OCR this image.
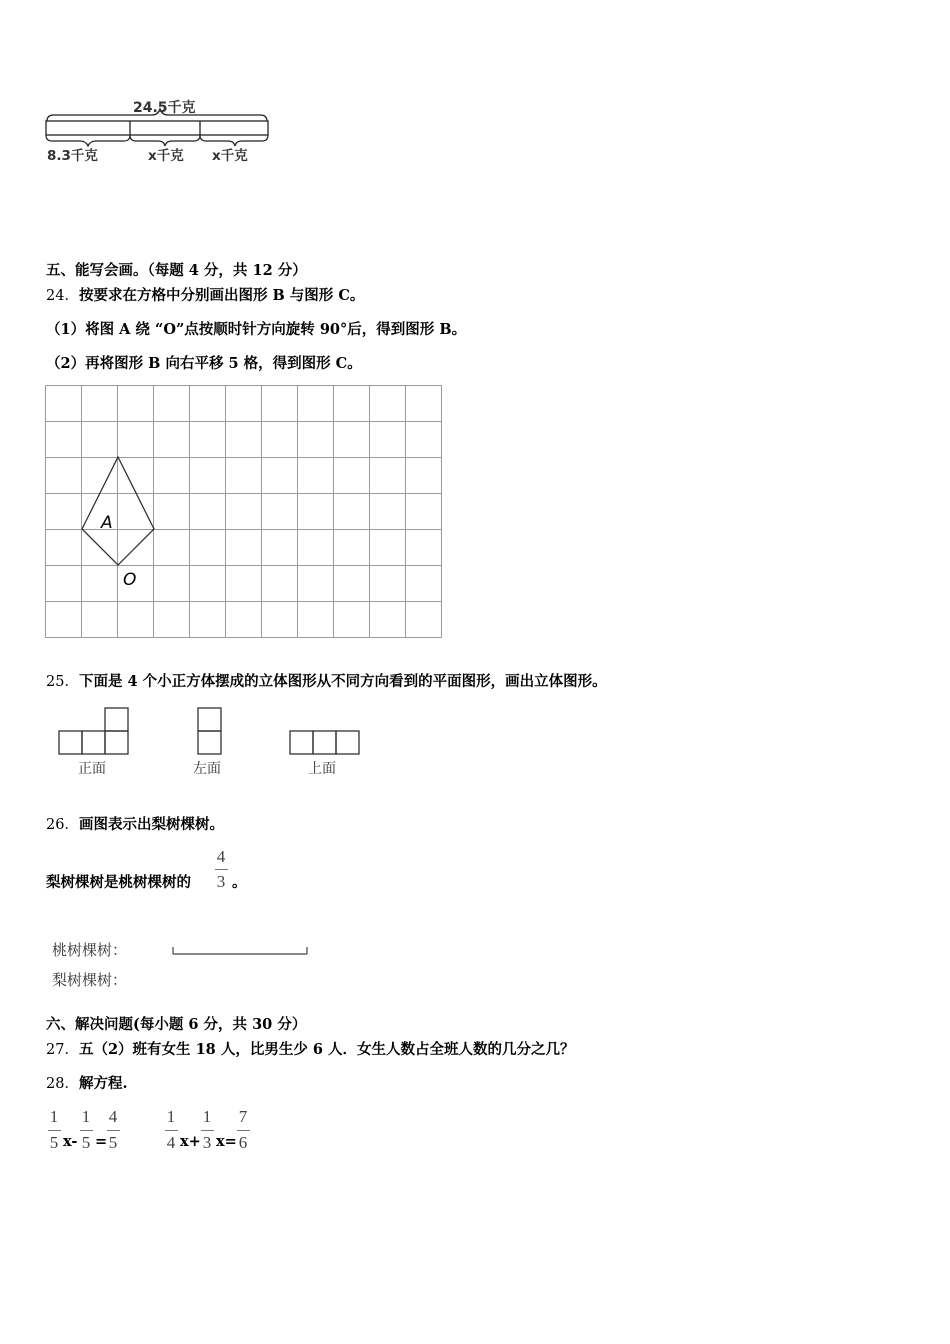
24.5千克
8.3千克	x千克 x千克
五、能写会画。（每题 4 分，共 12 分）
24．按要求在方格中分别画出图形 B 与图形 C。
（1）将图 A 绕 “O”点按顺时针方向旋转 90°后，得到图形 B。
（2）再将图形 B 向右平移 5 格，得到图形 C。
A
O
25．下面是 4 个小正方体摆成的立体图形从不同方向看到的平面图形，画出立体图形。
正面	左面	上面
26．画图表示出梨树棵树。
梨树棵树是桃树棵树的
4
3 。
桃树棵树：
梨树棵树：
六、解决问题(每小题 6 分，共 30 分）
27．五（2）班有女生 18 人，比男生少 6 人．女生人数占全班人数的几分之几？
28．解方程.
1
5 x-
1
5 =
4
5
1
4 x+
1
3 x=
7
6
